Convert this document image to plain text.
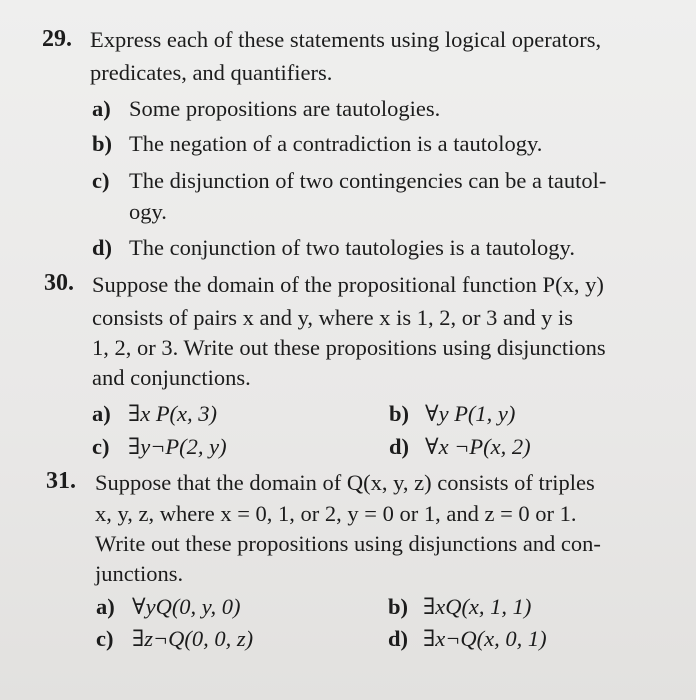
29. Express each of these statements using logical operators,
predicates, and quantifiers.
a) Some propositions are tautologies.
b) The negation of a contradiction is a tautology.
c) The disjunction of two contingencies can be a tautol-
ogy.
d) The conjunction of two tautologies is a tautology.
30. Suppose the domain of the propositional function P(x, y)
consists of pairs x and y, where x is 1, 2, or 3 and y is
1, 2, or 3. Write out these propositions using disjunctions
and conjunctions.
a) ∃x P(x, 3)	b) ∀y P(1, y)
c) ∃y¬P(2, y)	d) ∀x ¬P(x, 2)
31. Suppose that the domain of Q(x, y, z) consists of triples
x, y, z, where x = 0, 1, or 2, y = 0 or 1, and z = 0 or 1.
Write out these propositions using disjunctions and con-
junctions.
a) ∀yQ(0, y, 0)	b) ∃xQ(x, 1, 1)
c) ∃z¬Q(0, 0, z)	d) ∃x¬Q(x, 0, 1)
